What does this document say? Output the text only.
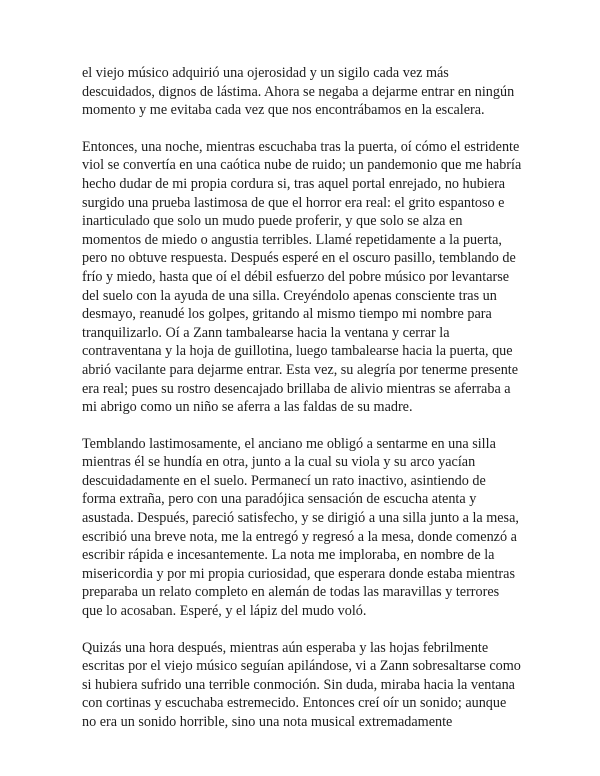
el viejo músico adquirió una ojerosidad y un sigilo cada vez más descuidados, dignos de lástima. Ahora se negaba a dejarme entrar en ningún momento y me evitaba cada vez que nos encontrábamos en la escalera.

Entonces, una noche, mientras escuchaba tras la puerta, oí cómo el estridente viol se convertía en una caótica nube de ruido; un pandemonio que me habría hecho dudar de mi propia cordura si, tras aquel portal enrejado, no hubiera surgido una prueba lastimosa de que el horror era real: el grito espantoso e inarticulado que solo un mudo puede proferir, y que solo se alza en momentos de miedo o angustia terribles. Llamé repetidamente a la puerta, pero no obtuve respuesta. Después esperé en el oscuro pasillo, temblando de frío y miedo, hasta que oí el débil esfuerzo del pobre músico por levantarse del suelo con la ayuda de una silla. Creyéndolo apenas consciente tras un desmayo, reanudé los golpes, gritando al mismo tiempo mi nombre para tranquilizarlo. Oí a Zann tambalearse hacia la ventana y cerrar la contraventana y la hoja de guillotina, luego tambalearse hacia la puerta, que abrió vacilante para dejarme entrar. Esta vez, su alegría por tenerme presente era real; pues su rostro desencajado brillaba de alivio mientras se aferraba a mi abrigo como un niño se aferra a las faldas de su madre.

Temblando lastimosamente, el anciano me obligó a sentarme en una silla mientras él se hundía en otra, junto a la cual su viola y su arco yacían descuidadamente en el suelo. Permanecí un rato inactivo, asintiendo de forma extraña, pero con una paradójica sensación de escucha atenta y asustada. Después, pareció satisfecho, y se dirigió a una silla junto a la mesa, escribió una breve nota, me la entregó y regresó a la mesa, donde comenzó a escribir rápida e incesantemente. La nota me imploraba, en nombre de la misericordia y por mi propia curiosidad, que esperara donde estaba mientras preparaba un relato completo en alemán de todas las maravillas y terrores que lo acosaban. Esperé, y el lápiz del mudo voló.

Quizás una hora después, mientras aún esperaba y las hojas febrilmente escritas por el viejo músico seguían apilándose, vi a Zann sobresaltarse como si hubiera sufrido una terrible conmoción. Sin duda, miraba hacia la ventana con cortinas y escuchaba estremecido. Entonces creí oír un sonido; aunque no era un sonido horrible, sino una nota musical extremadamente
